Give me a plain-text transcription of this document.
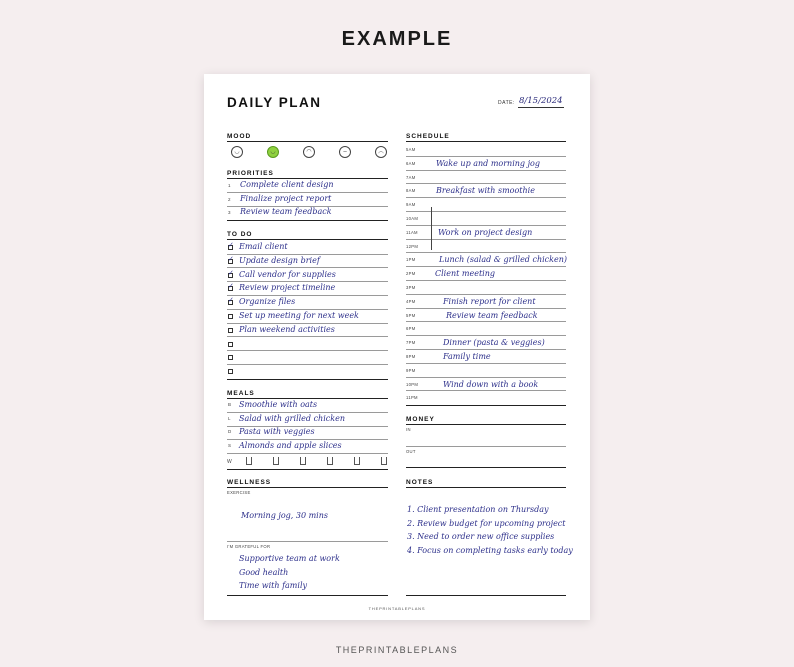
EXAMPLE
DAILY PLAN	DATE: 8/15/2024
MOOD
◡	◡	◠	–	︵
PRIORITIES
1 Complete client design
2 Finalize project report
3 Review team feedback
TO DO
✓ Email client
✓ Update design brief
✓ Call vendor for supplies
✓ Review project timeline
✓ Organize files
Set up meeting for next week
Plan weekend activities
MEALS
B Smoothie with oats
L Salad with grilled chicken
D Pasta with veggies
S Almonds and apple slices
W
WELLNESS
EXERCISE
Morning jog, 30 mins
I'M GRATEFUL FOR
Supportive team at work
Good health
Time with family
SCHEDULE
5AM
6AM	Wake up and morning jog
7AM
8AM	Breakfast with smoothie
9AM
10AM
11AM	Work on project design
12PM
1PM	Lunch (salad & grilled chicken)
2PM Client meeting
3PM
4PM	Finish report for client
5PM	Review team feedback
6PM
7PM	Dinner (pasta & veggies)
8PM	Family time
9PM
10PM	Wind down with a book
11PM
MONEY
IN
OUT
NOTES
1. Client presentation on Thursday
2. Review budget for upcoming project
3. Need to order new office supplies
4. Focus on completing tasks early today
THEPRINTABLEPLANS
THEPRINTABLEPLANS
